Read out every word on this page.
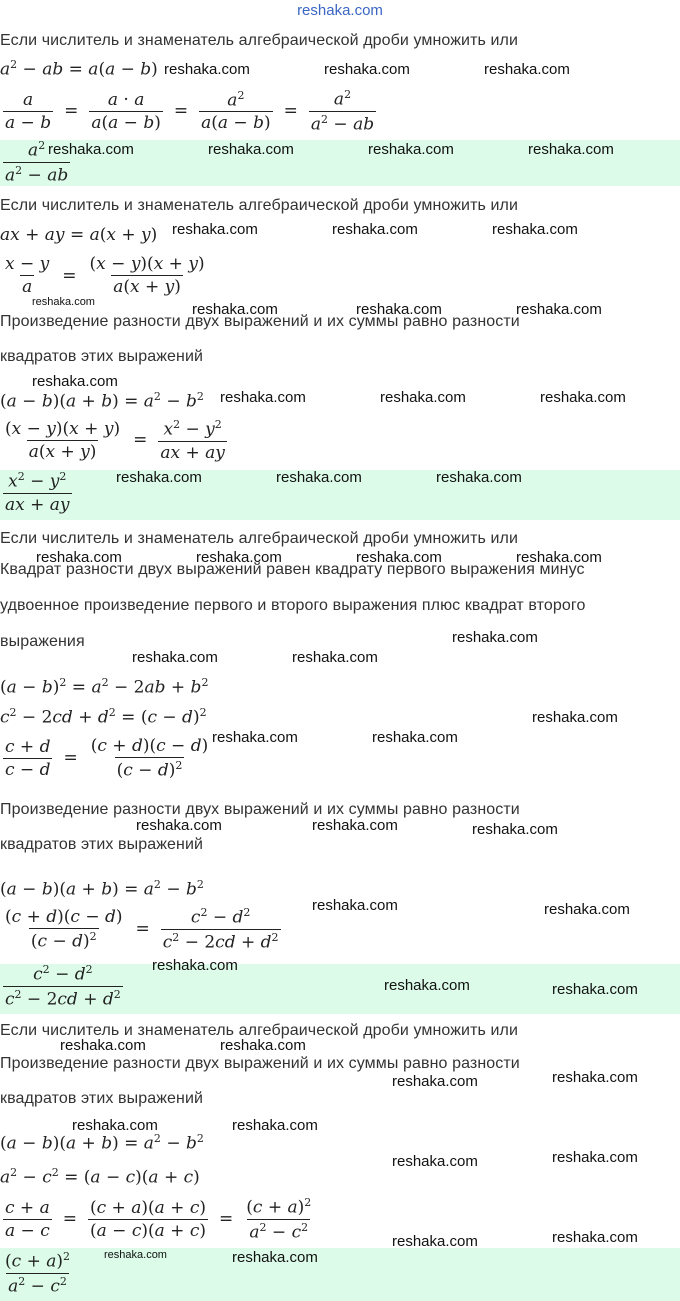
reshaka.com
Если числитель и знаменатель алгебраической дроби умножить или
$a^2$ − ab = a(a − b)
$\frac{a}{a - b} = \frac{a \cdot a}{a(a - b)} = \frac{a^2}{a(a - b)} = \frac{a^2}{a^2 - ab}$
$\frac{a^2}{a^2 - ab}$
Если числитель и знаменатель алгебраической дроби умножить или
ax + ay = a(x + y)
$\frac{x - y}{a} = \frac{(x - y)(x + y)}{a(x + y)}$
Произведение разности двух выражений и их суммы равно разности
квадратов этих выражений
$(a - b)(a + b) = a^2 - b^2$
$\frac{(x - y)(x + y)}{a(x + y)} = \frac{x^2 - y^2}{ax + ay}$
$\frac{x^2 - y^2}{ax + ay}$
Если числитель и знаменатель алгебраической дроби умножить или
Квадрат разности двух выражений равен квадрату первого выражения минус
удвоенное произведение первого и второго выражения плюс квадрат второго
выражения
$(a - b)^2 = a^2 - 2ab + b^2$
$c^2 - 2cd + d^2 = (c - d)^2$
$\frac{c + d}{c - d} = \frac{(c + d)(c - d)}{(c - d)^2}$
Произведение разности двух выражений и их суммы равно разности
квадратов этих выражений
$(a - b)(a + b) = a^2 - b^2$
$\frac{(c + d)(c - d)}{(c - d)^2} = \frac{c^2 - d^2}{c^2 - 2cd + d^2}$
$\frac{c^2 - d^2}{c^2 - 2cd + d^2}$
Если числитель и знаменатель алгебраической дроби умножить или
Произведение разности двух выражений и их суммы равно разности
квадратов этих выражений
$(a - b)(a + b) = a^2 - b^2$
$a^2 - c^2 = (a - c)(a + c)$
$\frac{c + a}{a - c} = \frac{(c + a)(a + c)}{(a - c)(a + c)} = \frac{(c + a)^2}{a^2 - c^2}$
$\frac{(c + a)^2}{a^2 - c^2}$
reshaka.com	reshaka.com	reshaka.com
reshaka.com	reshaka.com	reshaka.com	reshaka.com
reshaka.com	reshaka.com	reshaka.com
reshaka.com	reshaka.com	reshaka.com	reshaka.com
reshaka.com
reshaka.com	reshaka.com	reshaka.com
reshaka.com	reshaka.com	reshaka.com
reshaka.com	reshaka.com	reshaka.com	reshaka.com
reshaka.com
reshaka.com	reshaka.com
reshaka.com
reshaka.com	reshaka.com
reshaka.com	reshaka.com	reshaka.com
reshaka.com	reshaka.com
reshaka.com
reshaka.com	reshaka.com
reshaka.com	reshaka.com
reshaka.com	reshaka.com
reshaka.com	reshaka.com
reshaka.com	reshaka.com
reshaka.com	reshaka.com
reshaka.com	reshaka.com
